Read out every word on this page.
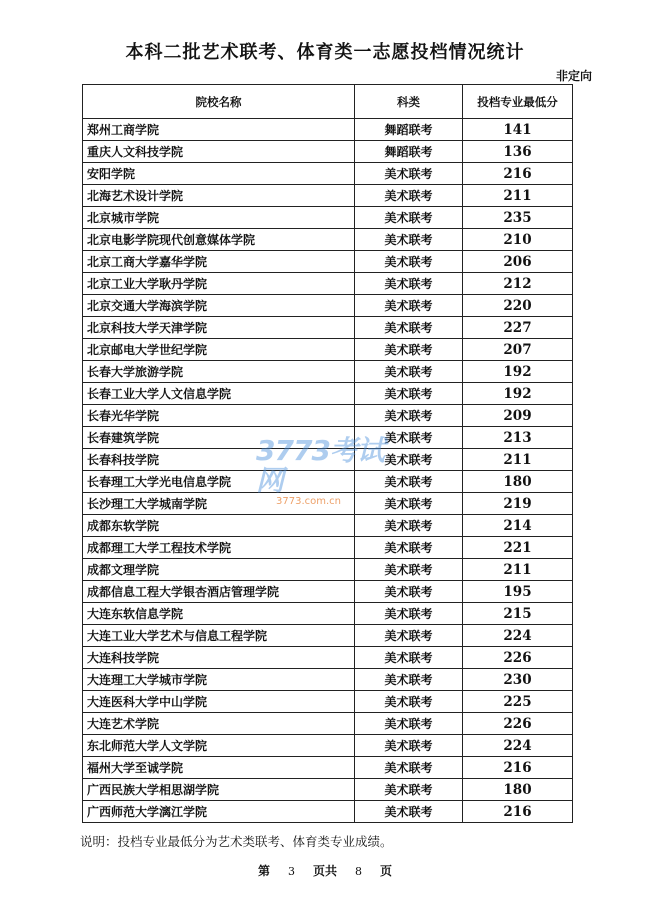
本科二批艺术联考、体育类一志愿投档情况统计
非定向
院校名称	科类	投档专业最低分
郑州工商学院	舞蹈联考	141
重庆人文科技学院	舞蹈联考	136
安阳学院	美术联考	216
北海艺术设计学院	美术联考	211
北京城市学院	美术联考	235
北京电影学院现代创意媒体学院	美术联考	210
北京工商大学嘉华学院	美术联考	206
北京工业大学耿丹学院	美术联考	212
北京交通大学海滨学院	美术联考	220
北京科技大学天津学院	美术联考	227
北京邮电大学世纪学院	美术联考	207
长春大学旅游学院	美术联考	192
长春工业大学人文信息学院	美术联考	192
长春光华学院	美术联考	209
长春建筑学院	美术联考	213
长春科技学院	美术联考	211
长春理工大学光电信息学院	美术联考	180
长沙理工大学城南学院	美术联考	219
成都东软学院	美术联考	214
成都理工大学工程技术学院	美术联考	221
成都文理学院	美术联考	211
成都信息工程大学银杏酒店管理学院	美术联考	195
大连东软信息学院	美术联考	215
大连工业大学艺术与信息工程学院	美术联考	224
大连科技学院	美术联考	226
大连理工大学城市学院	美术联考	230
大连医科大学中山学院	美术联考	225
大连艺术学院	美术联考	226
东北师范大学人文学院	美术联考	224
福州大学至诚学院	美术联考	216
广西民族大学相思湖学院	美术联考	180
广西师范大学漓江学院	美术联考	216
3773考试网
3773.com.cn
说明：投档专业最低分为艺术类联考、体育类专业成绩。
第 3 页共 8 页
